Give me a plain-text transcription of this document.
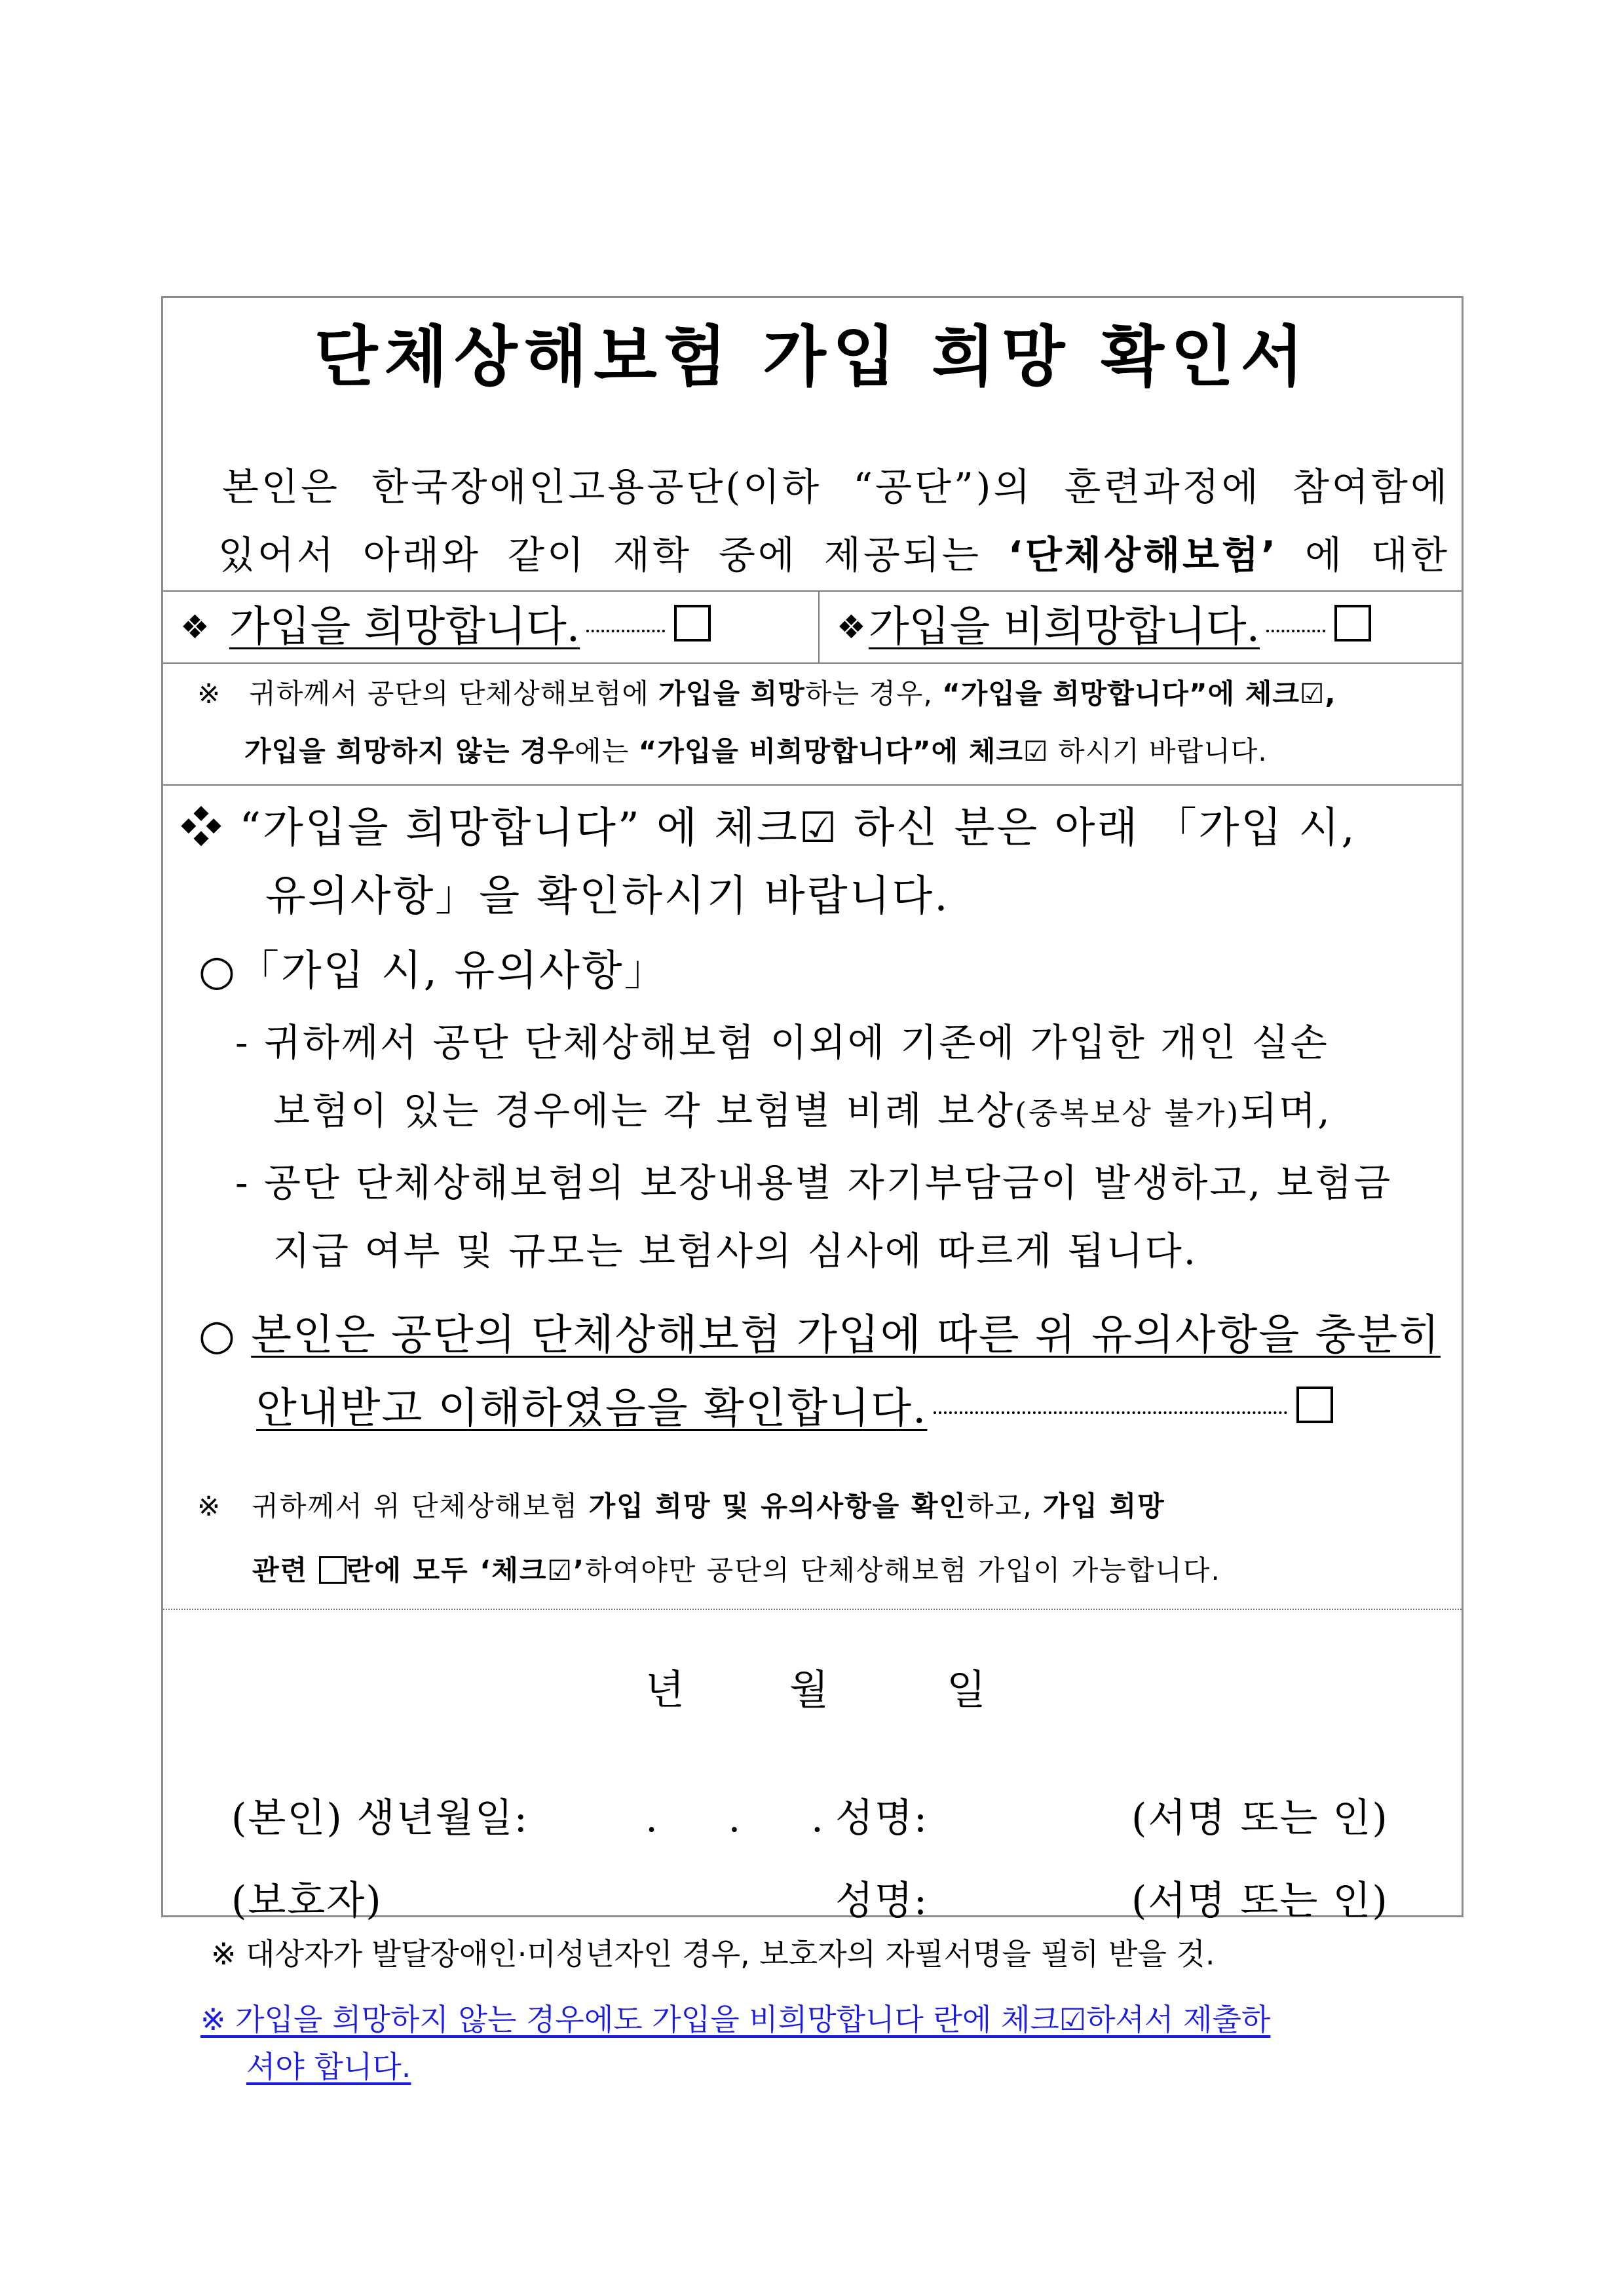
단체상해보험 가입 희망 확인서
본인은 한국장애인고용공단(이하 “공단”)의 훈련과정에 참여함에
있어서 아래와 같이 재학 중에 제공되는 ‘단체상해보험’ 에 대한
❖ 가입을 희망합니다.	❖ 가입을 비희망합니다.
※ 귀하께서 공단의 단체상해보험에 가입을 희망하는 경우, “가입을 희망합니다”에 체크☑,
가입을 희망하지 않는 경우에는 “가입을 비희망합니다”에 체크☑ 하시기 바랍니다.
❖ “가입을 희망합니다” 에 체크☑ 하신 분은 아래 「가입 시,
유의사항」을 확인하시기 바랍니다.
○「가입 시, 유의사항」
- 귀하께서 공단 단체상해보험 이외에 기존에 가입한 개인 실손
보험이 있는 경우에는 각 보험별 비례 보상(중복보상 불가)되며,
- 공단 단체상해보험의 보장내용별 자기부담금이 발생하고, 보험금
지급 여부 및 규모는 보험사의 심사에 따르게 됩니다.
○ 본인은 공단의 단체상해보험 가입에 따른 위 유의사항을 충분히
안내받고 이해하였음을 확인합니다.
※ 귀하께서 위 단체상해보험 가입 희망 및 유의사항을 확인하고, 가입 희망
관련 란에 모두 ‘체크☑’하여야만 공단의 단체상해보험 가입이 가능합니다.
년	월	일
(본인) 생년월일:	.     .     . 성명:	(서명 또는 인)
(보호자)	성명:	(서명 또는 인)
※ 대상자가 발달장애인·미성년자인 경우, 보호자의 자필서명을 필히 받을 것.
※ 가입을 희망하지 않는 경우에도 가입을 비희망합니다 란에 체크☑하셔서 제출하
셔야 합니다.
